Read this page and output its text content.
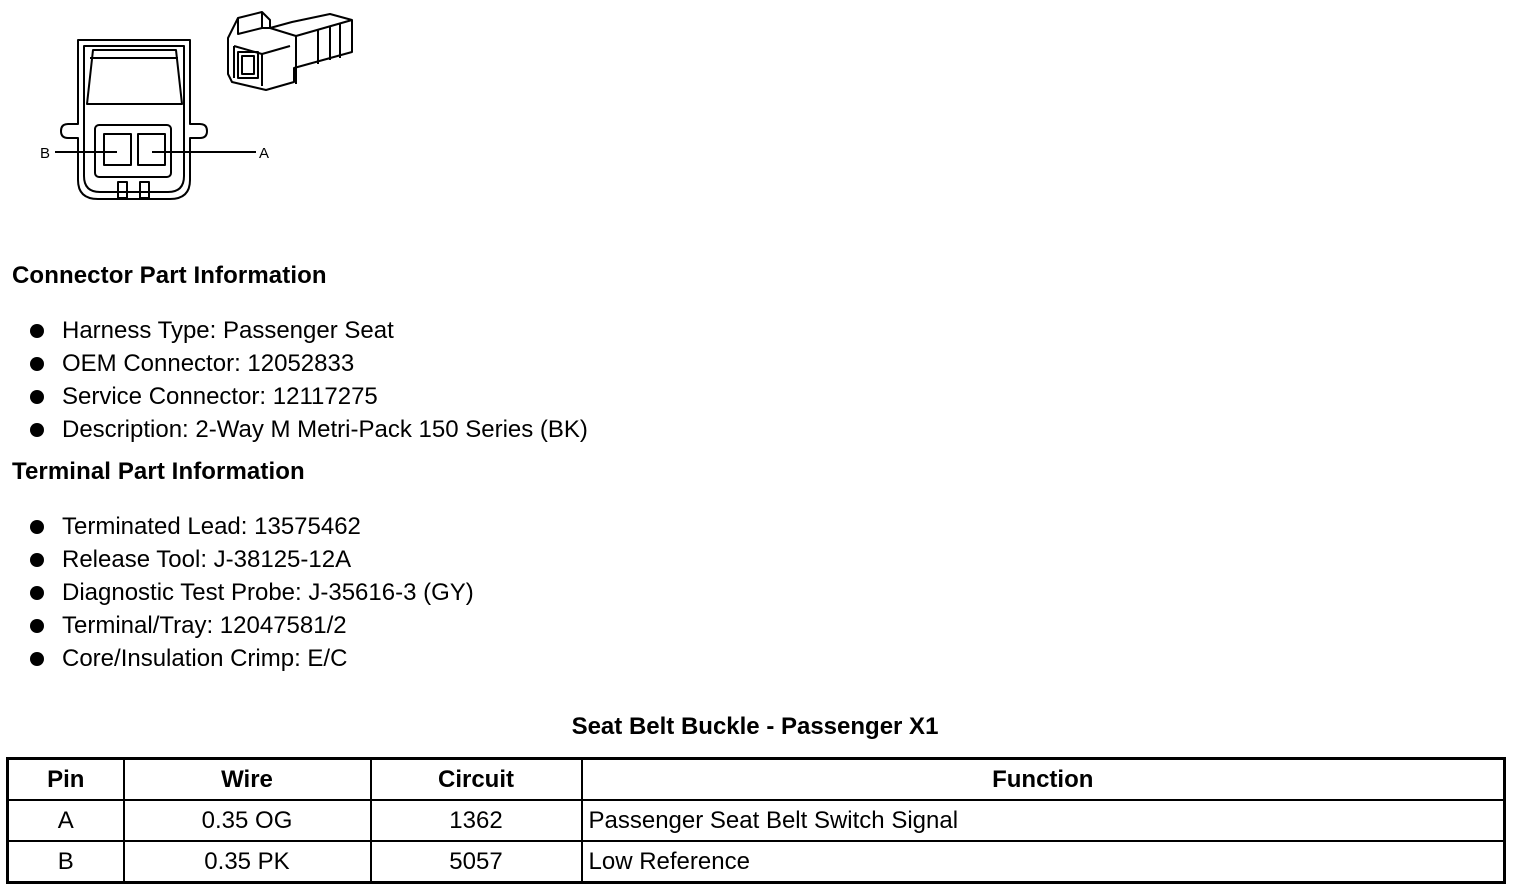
B	A
Connector Part Information
Harness Type: Passenger Seat
OEM Connector: 12052833
Service Connector: 12117275
Description: 2-Way M Metri-Pack 150 Series (BK)
Terminal Part Information
Terminated Lead: 13575462
Release Tool: J-38125-12A
Diagnostic Test Probe: J-35616-3 (GY)
Terminal/Tray: 12047581/2
Core/Insulation Crimp: E/C
Seat Belt Buckle - Passenger X1
Pin	Wire	Circuit	Function
A	0.35 OG	1362	Passenger Seat Belt Switch Signal
B	0.35 PK	5057	Low Reference
